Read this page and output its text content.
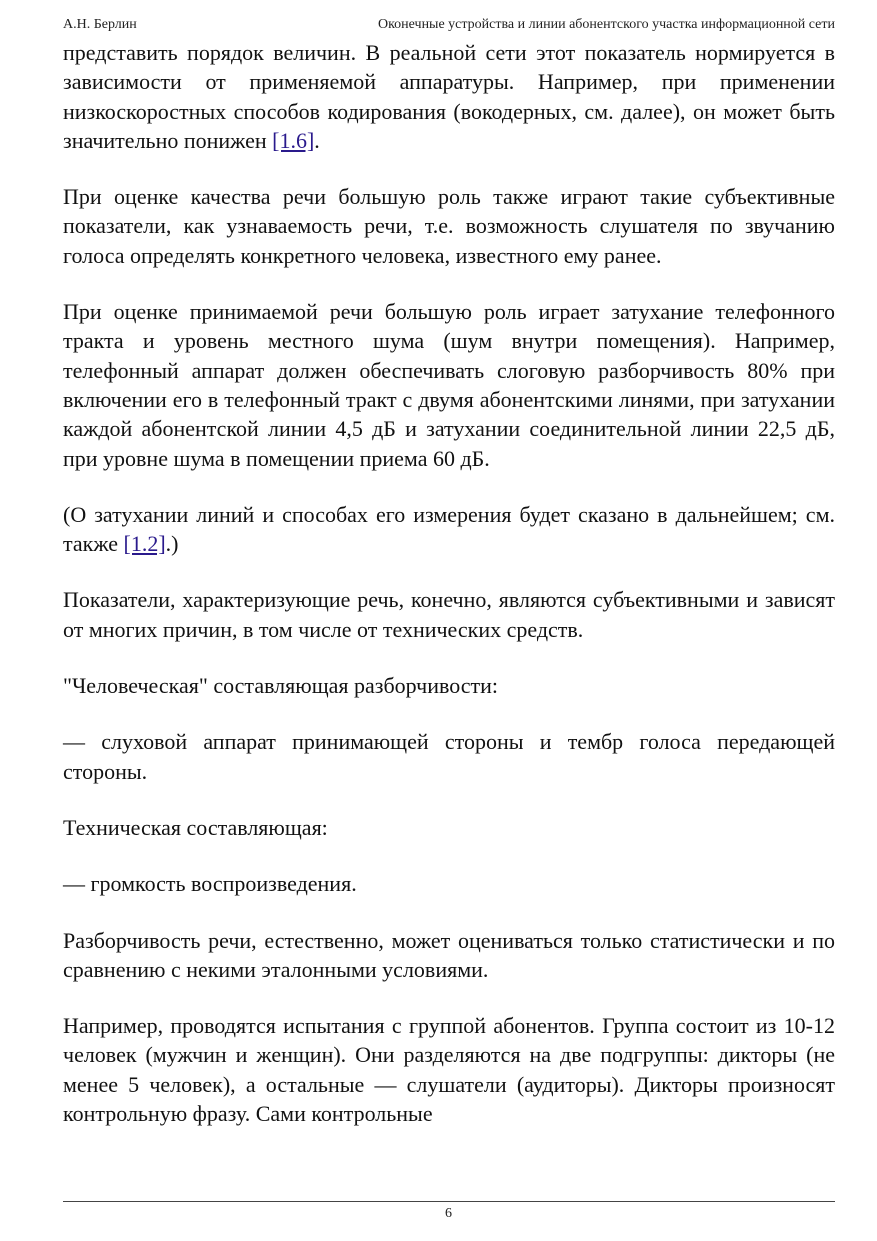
А.Н. Берлин	Оконечные устройства и линии абонентского участка информационной сети

представить порядок величин. В реальной сети этот показатель нормируется в зависимости от применяемой аппаратуры. Например, при применении низкоскоростных способов кодирования (вокодерных, см. далее), он может быть значительно понижен [1.6].

При оценке качества речи большую роль также играют такие субъективные показатели, как узнаваемость речи, т.е. возможность слушателя по звучанию голоса определять конкретного человека, известного ему ранее.

При оценке принимаемой речи большую роль играет затухание телефонного тракта и уровень местного шума (шум внутри помещения). Например, телефонный аппарат должен обеспечивать слоговую разборчивость 80% при включении его в телефонный тракт с двумя абонентскими линями, при затухании каждой абонентской линии 4,5 дБ и затухании соединительной линии 22,5 дБ, при уровне шума в помещении приема 60 дБ.

(О затухании линий и способах его измерения будет сказано в дальнейшем; см. также [1.2].)

Показатели, характеризующие речь, конечно, являются субъективными и зависят от многих причин, в том числе от технических средств.

"Человеческая" составляющая разборчивости:

— слуховой аппарат принимающей стороны и тембр голоса передающей стороны.

Техническая составляющая:

— громкость воспроизведения.

Разборчивость речи, естественно, может оцениваться только статистически и по сравнению с некими эталонными условиями.

Например, проводятся испытания с группой абонентов. Группа состоит из 10-12 человек (мужчин и женщин). Они разделяются на две подгруппы: дикторы (не менее 5 человек), а остальные — слушатели (аудиторы). Дикторы произносят контрольную фразу. Сами контрольные

6
